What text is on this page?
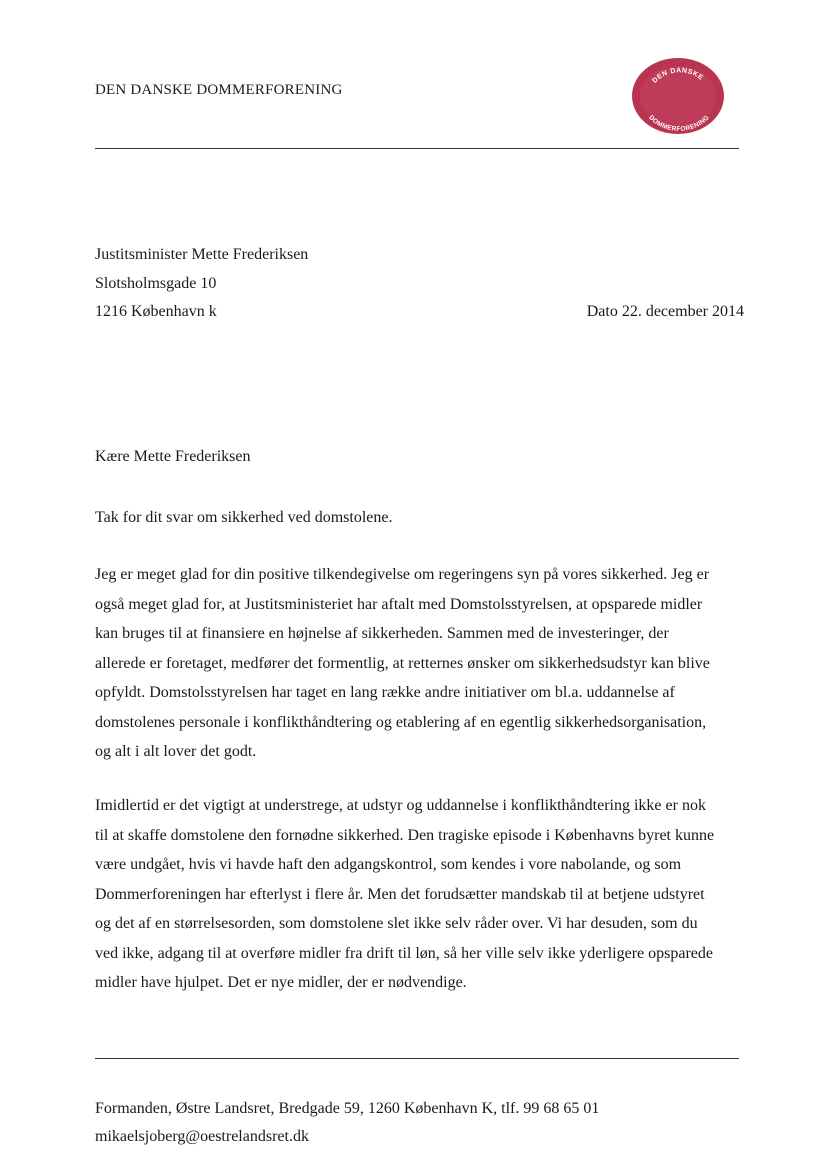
DEN DANSKE DOMMERFORENING
DEN DANSKE
DOMMERFORENING
Justitsminister Mette Frederiksen
Slotsholmsgade 10
1216 København k	Dato 22. december 2014
Kære Mette Frederiksen
Tak for dit svar om sikkerhed ved domstolene.
Jeg er meget glad for din positive tilkendegivelse om regeringens syn på vores sikkerhed. Jeg er
også meget glad for, at Justitsministeriet har aftalt med Domstolsstyrelsen, at opsparede midler
kan bruges til at finansiere en højnelse af sikkerheden. Sammen med de investeringer, der
allerede er foretaget, medfører det formentlig, at retternes ønsker om sikkerhedsudstyr kan blive
opfyldt. Domstolsstyrelsen har taget en lang række andre initiativer om bl.a. uddannelse af
domstolenes personale i konflikthåndtering og etablering af en egentlig sikkerhedsorganisation,
og alt i alt lover det godt.
Imidlertid er det vigtigt at understrege, at udstyr og uddannelse i konflikthåndtering ikke er nok
til at skaffe domstolene den fornødne sikkerhed. Den tragiske episode i Københavns byret kunne
være undgået, hvis vi havde haft den adgangskontrol, som kendes i vore nabolande, og som
Dommerforeningen har efterlyst i flere år. Men det forudsætter mandskab til at betjene udstyret
og det af en størrelsesorden, som domstolene slet ikke selv råder over. Vi har desuden, som du
ved ikke, adgang til at overføre midler fra drift til løn, så her ville selv ikke yderligere opsparede
midler have hjulpet. Det er nye midler, der er nødvendige.
Formanden, Østre Landsret, Bredgade 59, 1260 København K, tlf. 99 68 65 01
mikaelsjoberg@oestrelandsret.dk
